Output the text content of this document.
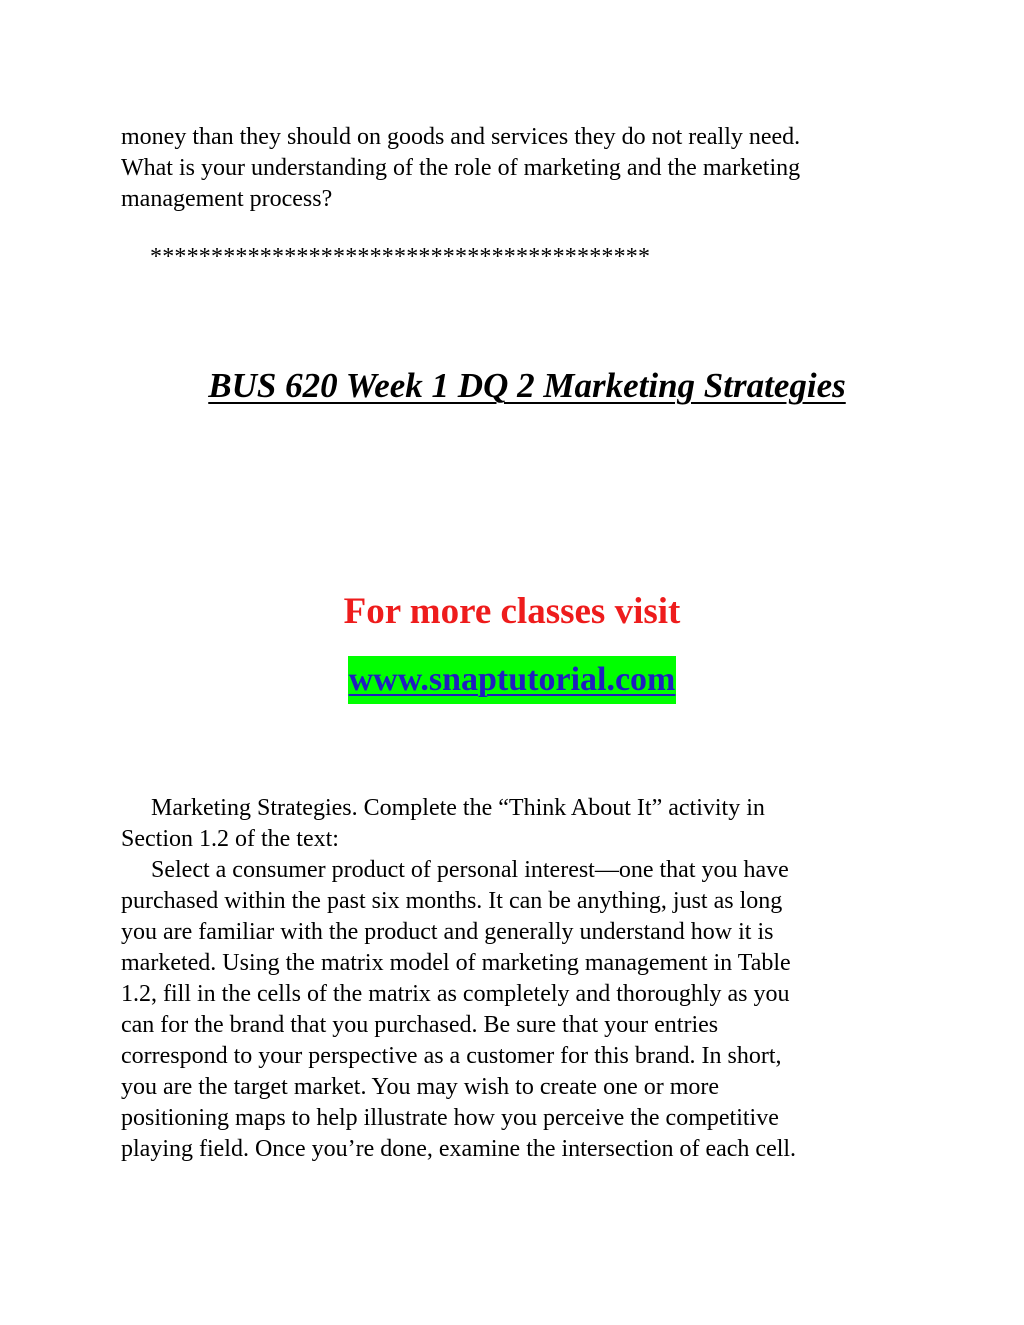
money than they should on goods and services they do not really need.
What is your understanding of the role of marketing and the marketing
management process?
*****************************************
BUS 620 Week 1 DQ 2 Marketing Strategies
For more classes visit
www.snaptutorial.com
Marketing Strategies. Complete the “Think About It” activity in
Section 1.2 of the text:
Select a consumer product of personal interest—one that you have
purchased within the past six months. It can be anything, just as long
you are familiar with the product and generally understand how it is
marketed. Using the matrix model of marketing management in Table
1.2, fill in the cells of the matrix as completely and thoroughly as you
can for the brand that you purchased. Be sure that your entries
correspond to your perspective as a customer for this brand. In short,
you are the target market. You may wish to create one or more
positioning maps to help illustrate how you perceive the competitive
playing field. Once you’re done, examine the intersection of each cell.
